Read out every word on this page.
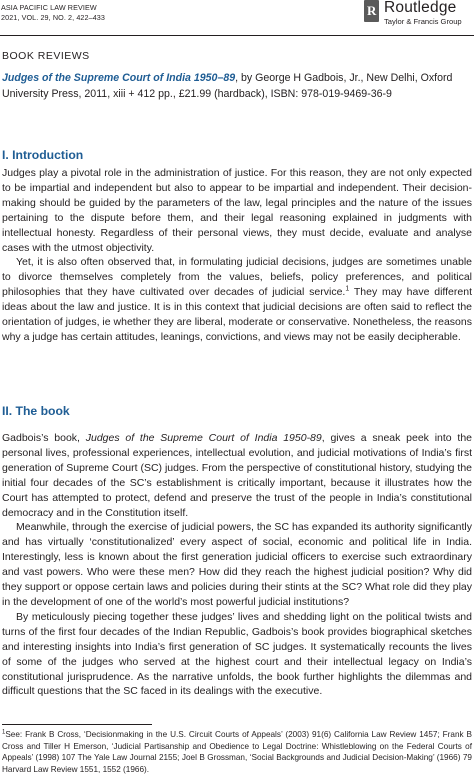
ASIA PACIFIC LAW REVIEW
2021, VOL. 29, NO. 2, 422–433
R
Routledge
Taylor & Francis Group
BOOK REVIEWS
Judges of the Supreme Court of India 1950–89, by George H Gadbois, Jr., New Delhi, Oxford University Press, 2011, xiii + 412 pp., £21.99 (hardback), ISBN: 978-019-9469-36-9
I. Introduction

Judges play a pivotal role in the administration of justice. For this reason, they are not only expected to be impartial and independent but also to appear to be impartial and independent. Their decision-making should be guided by the parameters of the law, legal principles and the nature of the issues pertaining to the dispute before them, and their legal reasoning explained in judgments with intellectual honesty. Regardless of their personal views, they must decide, evaluate and analyse cases with the utmost objectivity.

Yet, it is also often observed that, in formulating judicial decisions, judges are sometimes unable to divorce themselves completely from the values, beliefs, policy preferences, and political philosophies that they have cultivated over decades of judicial service.$^1$ They may have different ideas about the law and justice. It is in this context that judicial decisions are often said to reflect the orientation of judges, ie whether they are liberal, moderate or conservative. Nonetheless, the reasons why a judge has certain attitudes, leanings, convictions, and views may not be easily decipherable.

II. The book

Gadbois’s book, Judges of the Supreme Court of India 1950-89, gives a sneak peek into the personal lives, professional experiences, intellectual evolution, and judicial motivations of India’s first generation of Supreme Court (SC) judges. From the perspective of constitutional history, studying the initial four decades of the SC’s establishment is critically important, because it illustrates how the Court has attempted to protect, defend and preserve the trust of the people in India’s constitutional democracy and in the Constitution itself.

Meanwhile, through the exercise of judicial powers, the SC has expanded its authority significantly and has virtually ‘constitutionalized’ every aspect of social, economic and political life in India. Interestingly, less is known about the first generation judicial officers to exercise such extraordinary and vast powers. Who were these men? How did they reach the highest judicial position? Why did they support or oppose certain laws and policies during their stints at the SC? What role did they play in the development of one of the world’s most powerful judicial institutions?

By meticulously piecing together these judges’ lives and shedding light on the political twists and turns of the first four decades of the Indian Republic, Gadbois’s book provides biographical sketches and interesting insights into India’s first generation of SC judges. It systematically recounts the lives of some of the judges who served at the highest court and their intellectual legacy on India’s constitutional jurisprudence. As the narrative unfolds, the book further highlights the dilemmas and difficult questions that the SC faced in its dealings with the executive.

$^1$See: Frank B Cross, ‘Decisionmaking in the U.S. Circuit Courts of Appeals’ (2003) 91(6) California Law Review 1457; Frank B Cross and Tiller H Emerson, ‘Judicial Partisanship and Obedience to Legal Doctrine: Whistleblowing on the Federal Courts of Appeals’ (1998) 107 The Yale Law Journal 2155; Joel B Grossman, ‘Social Backgrounds and Judicial Decision-Making’ (1966) 79 Harvard Law Review 1551, 1552 (1966).
